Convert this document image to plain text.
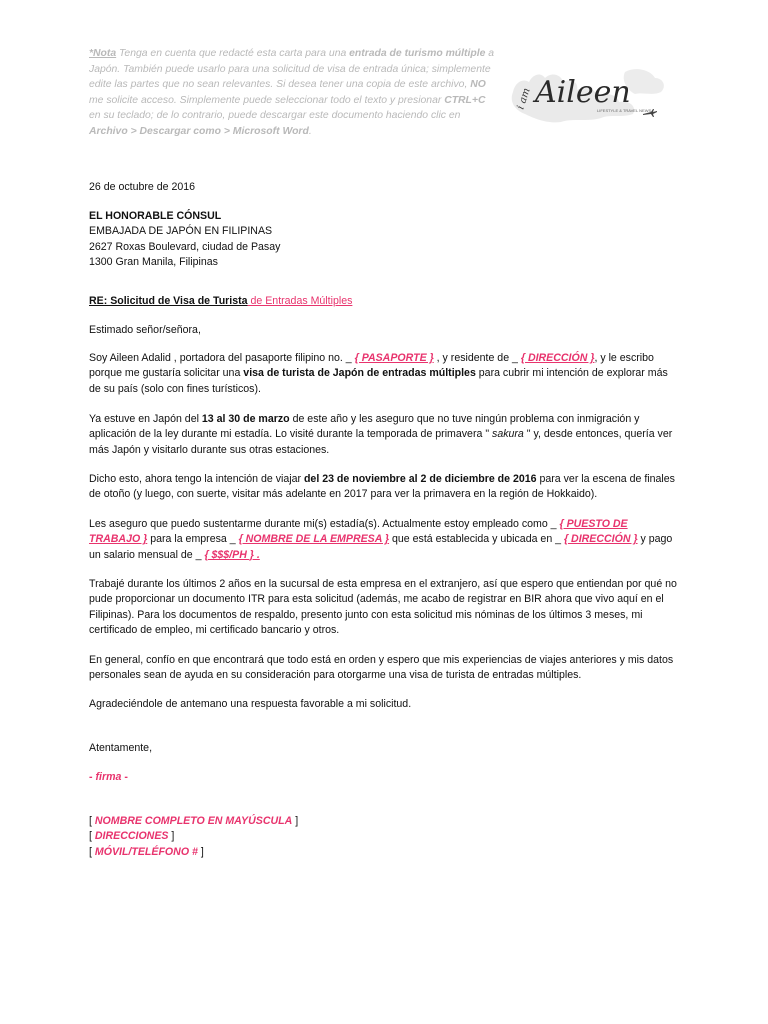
*Nota Tenga en cuenta que redacté esta carta para una entrada de turismo múltiple a Japón. También puede usarlo para una solicitud de visa de entrada única; simplemente edite las partes que no sean relevantes. Si desea tener una copia de este archivo, NO me solicite acceso. Simplemente puede seleccionar todo el texto y presionar CTRL+C en su teclado; de lo contrario, puede descargar este documento haciendo clic en Archivo > Descargar como > Microsoft Word.
i am Aileen
LIFESTYLE & TRAVEL NEWS
26 de octubre de 2016
EL HONORABLE CÓNSUL
EMBAJADA DE JAPÓN EN FILIPINAS
2627 Roxas Boulevard, ciudad de Pasay
1300 Gran Manila, Filipinas
RE: Solicitud de Visa de Turista de Entradas Múltiples
Estimado señor/señora,

Soy Aileen Adalid , portadora del pasaporte filipino no. _ { PASAPORTE } , y residente de _ { DIRECCIÓN }, y le escribo porque me gustaría solicitar una visa de turista de Japón de entradas múltiples para cubrir mi intención de explorar más de su país (solo con fines turísticos).

Ya estuve en Japón del 13 al 30 de marzo de este año y les aseguro que no tuve ningún problema con inmigración y aplicación de la ley durante mi estadía. Lo visité durante la temporada de primavera " sakura " y, desde entonces, quería ver más Japón y visitarlo durante sus otras estaciones.

Dicho esto, ahora tengo la intención de viajar del 23 de noviembre al 2 de diciembre de 2016 para ver la escena de finales de otoño (y luego, con suerte, visitar más adelante en 2017 para ver la primavera en la región de Hokkaido).

Les aseguro que puedo sustentarme durante mi(s) estadía(s). Actualmente estoy empleado como _ { PUESTO DE TRABAJO } para la empresa _ { NOMBRE DE LA EMPRESA } que está establecida y ubicada en _ { DIRECCIÓN } y pago un salario mensual de _ { $$$/PH } .

Trabajé durante los últimos 2 años en la sucursal de esta empresa en el extranjero, así que espero que entiendan por qué no pude proporcionar un documento ITR para esta solicitud (además, me acabo de registrar en BIR ahora que vivo aquí en el Filipinas). Para los documentos de respaldo, presento junto con esta solicitud mis nóminas de los últimos 3 meses, mi certificado de empleo, mi certificado bancario y otros.

En general, confío en que encontrará que todo está en orden y espero que mis experiencias de viajes anteriores y mis datos personales sean de ayuda en su consideración para otorgarme una visa de turista de entradas múltiples.

Agradeciéndole de antemano una respuesta favorable a mi solicitud.

Atentamente,
- firma -
[ NOMBRE COMPLETO EN MAYÚSCULA ]
[ DIRECCIONES ]
[ MÓVIL/TELÉFONO # ]
